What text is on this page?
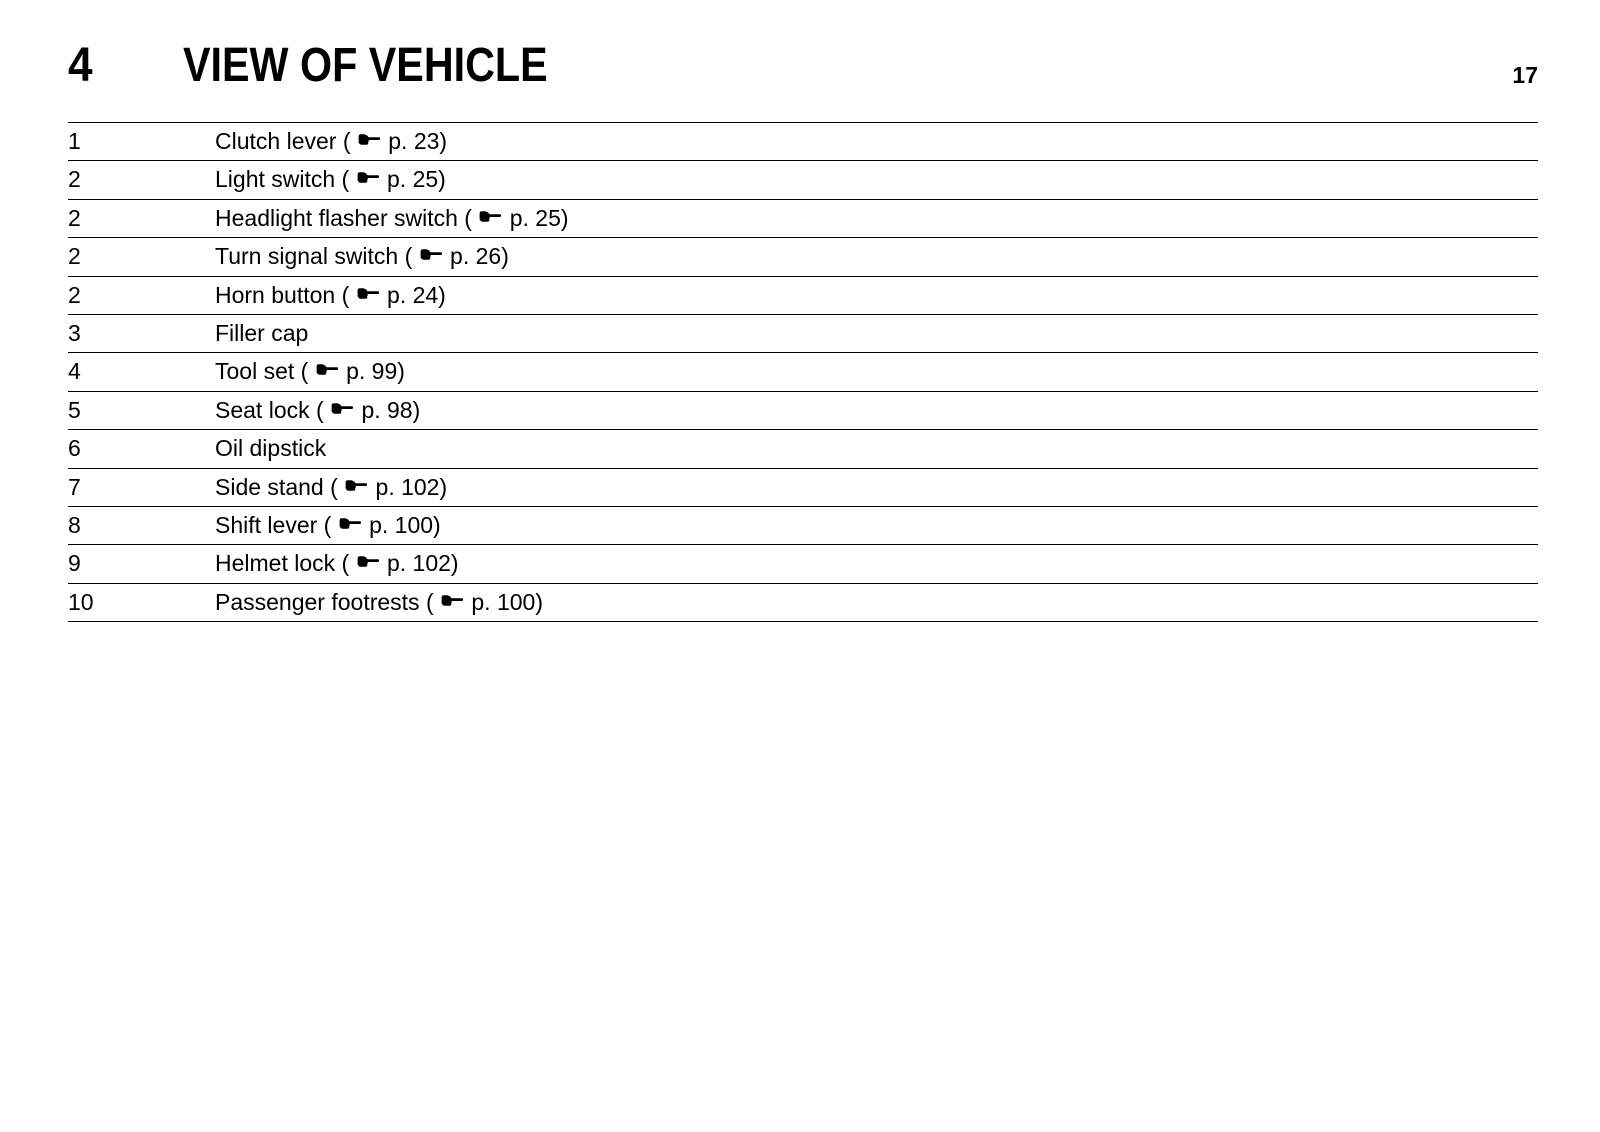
4 VIEW OF VEHICLE	17
1	Clutch lever ( p. 23)
2	Light switch ( p. 25)
2	Headlight flasher switch ( p. 25)
2	Turn signal switch ( p. 26)
2	Horn button ( p. 24)
3	Filler cap
4	Tool set ( p. 99)
5	Seat lock ( p. 98)
6	Oil dipstick
7	Side stand ( p. 102)
8	Shift lever ( p. 100)
9	Helmet lock ( p. 102)
10	Passenger footrests ( p. 100)
